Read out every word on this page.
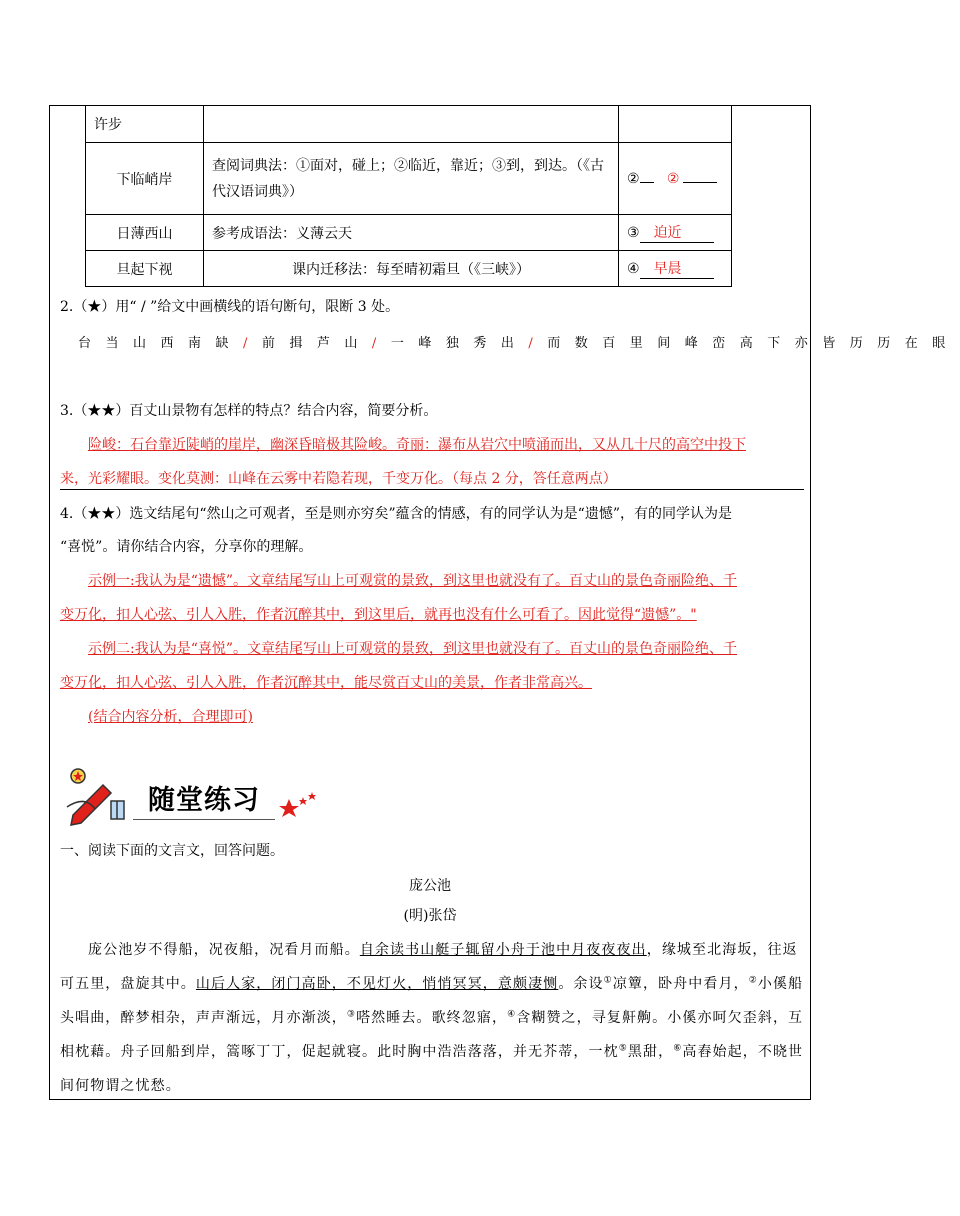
许步		
下临峭岸	查阅词典法：①面对，碰上；②临近，靠近；③到，到达。（《古
代汉语词典》）	② ②
日薄西山	参考成语法：义薄云天	③ 迫近
旦起下视	课内迁移法：每至晴初霜旦（《三峡》）	④ 早晨
2.（★）用“ / ”给文中画横线的语句断句，限断 3 处。
台当山西南缺/前揖芦山/一峰独秀出/而数百里间峰峦高下亦皆历历在眼
3.（★★）百丈山景物有怎样的特点？结合内容，简要分析。
险峻：石台靠近陡峭的崖岸，幽深昏暗极其险峻。奇丽：瀑布从岩穴中喷涌而出，又从几十尺的高空中投下
来，光彩耀眼。变化莫测：山峰在云雾中若隐若现，千变万化。（每点 2 分，答任意两点）
4.（★★）选文结尾句“然山之可观者，至是则亦穷矣”蕴含的情感，有的同学认为是“遗憾”，有的同学认为是
“喜悦”。请你结合内容，分享你的理解。
示例一:我认为是“遗憾”。文章结尾写山上可观赏的景致，到这里也就没有了。百丈山的景色奇丽险绝、千
变万化，扣人心弦、引人入胜，作者沉醉其中，到这里后，就再也没有什么可看了。因此觉得“遗憾”。"
示例二:我认为是“喜悦”。文章结尾写山上可观赏的景致，到这里也就没有了。百丈山的景色奇丽险绝、千
变万化，扣人心弦、引人入胜，作者沉醉其中，能尽赏百丈山的美景，作者非常高兴。
(结合内容分析，合理即可)
随堂练习
一、阅读下面的文言文，回答问题。
庞公池
(明)张岱
庞公池岁不得船，况夜船，况看月而船。自余读书山艇子辄留小舟于池中月夜夜夜出，缘城至北海坂，往返
可五里，盘旋其中。山后人家，闭门高卧，不见灯火，悄悄冥冥，意颇凄恻。余设①凉簟，卧舟中看月，②小傒船
头唱曲，醉梦相杂，声声渐远，月亦渐淡，③嗒然睡去。歌终忽寤，④含糊赞之，寻复鼾齁。小傒亦呵欠歪斜，互
相枕藉。舟子回船到岸，篙啄丁丁，促起就寝。此时胸中浩浩落落，并无芥蒂，一枕⑤黑甜，⑥高舂始起，不晓世
间何物谓之忧愁。
